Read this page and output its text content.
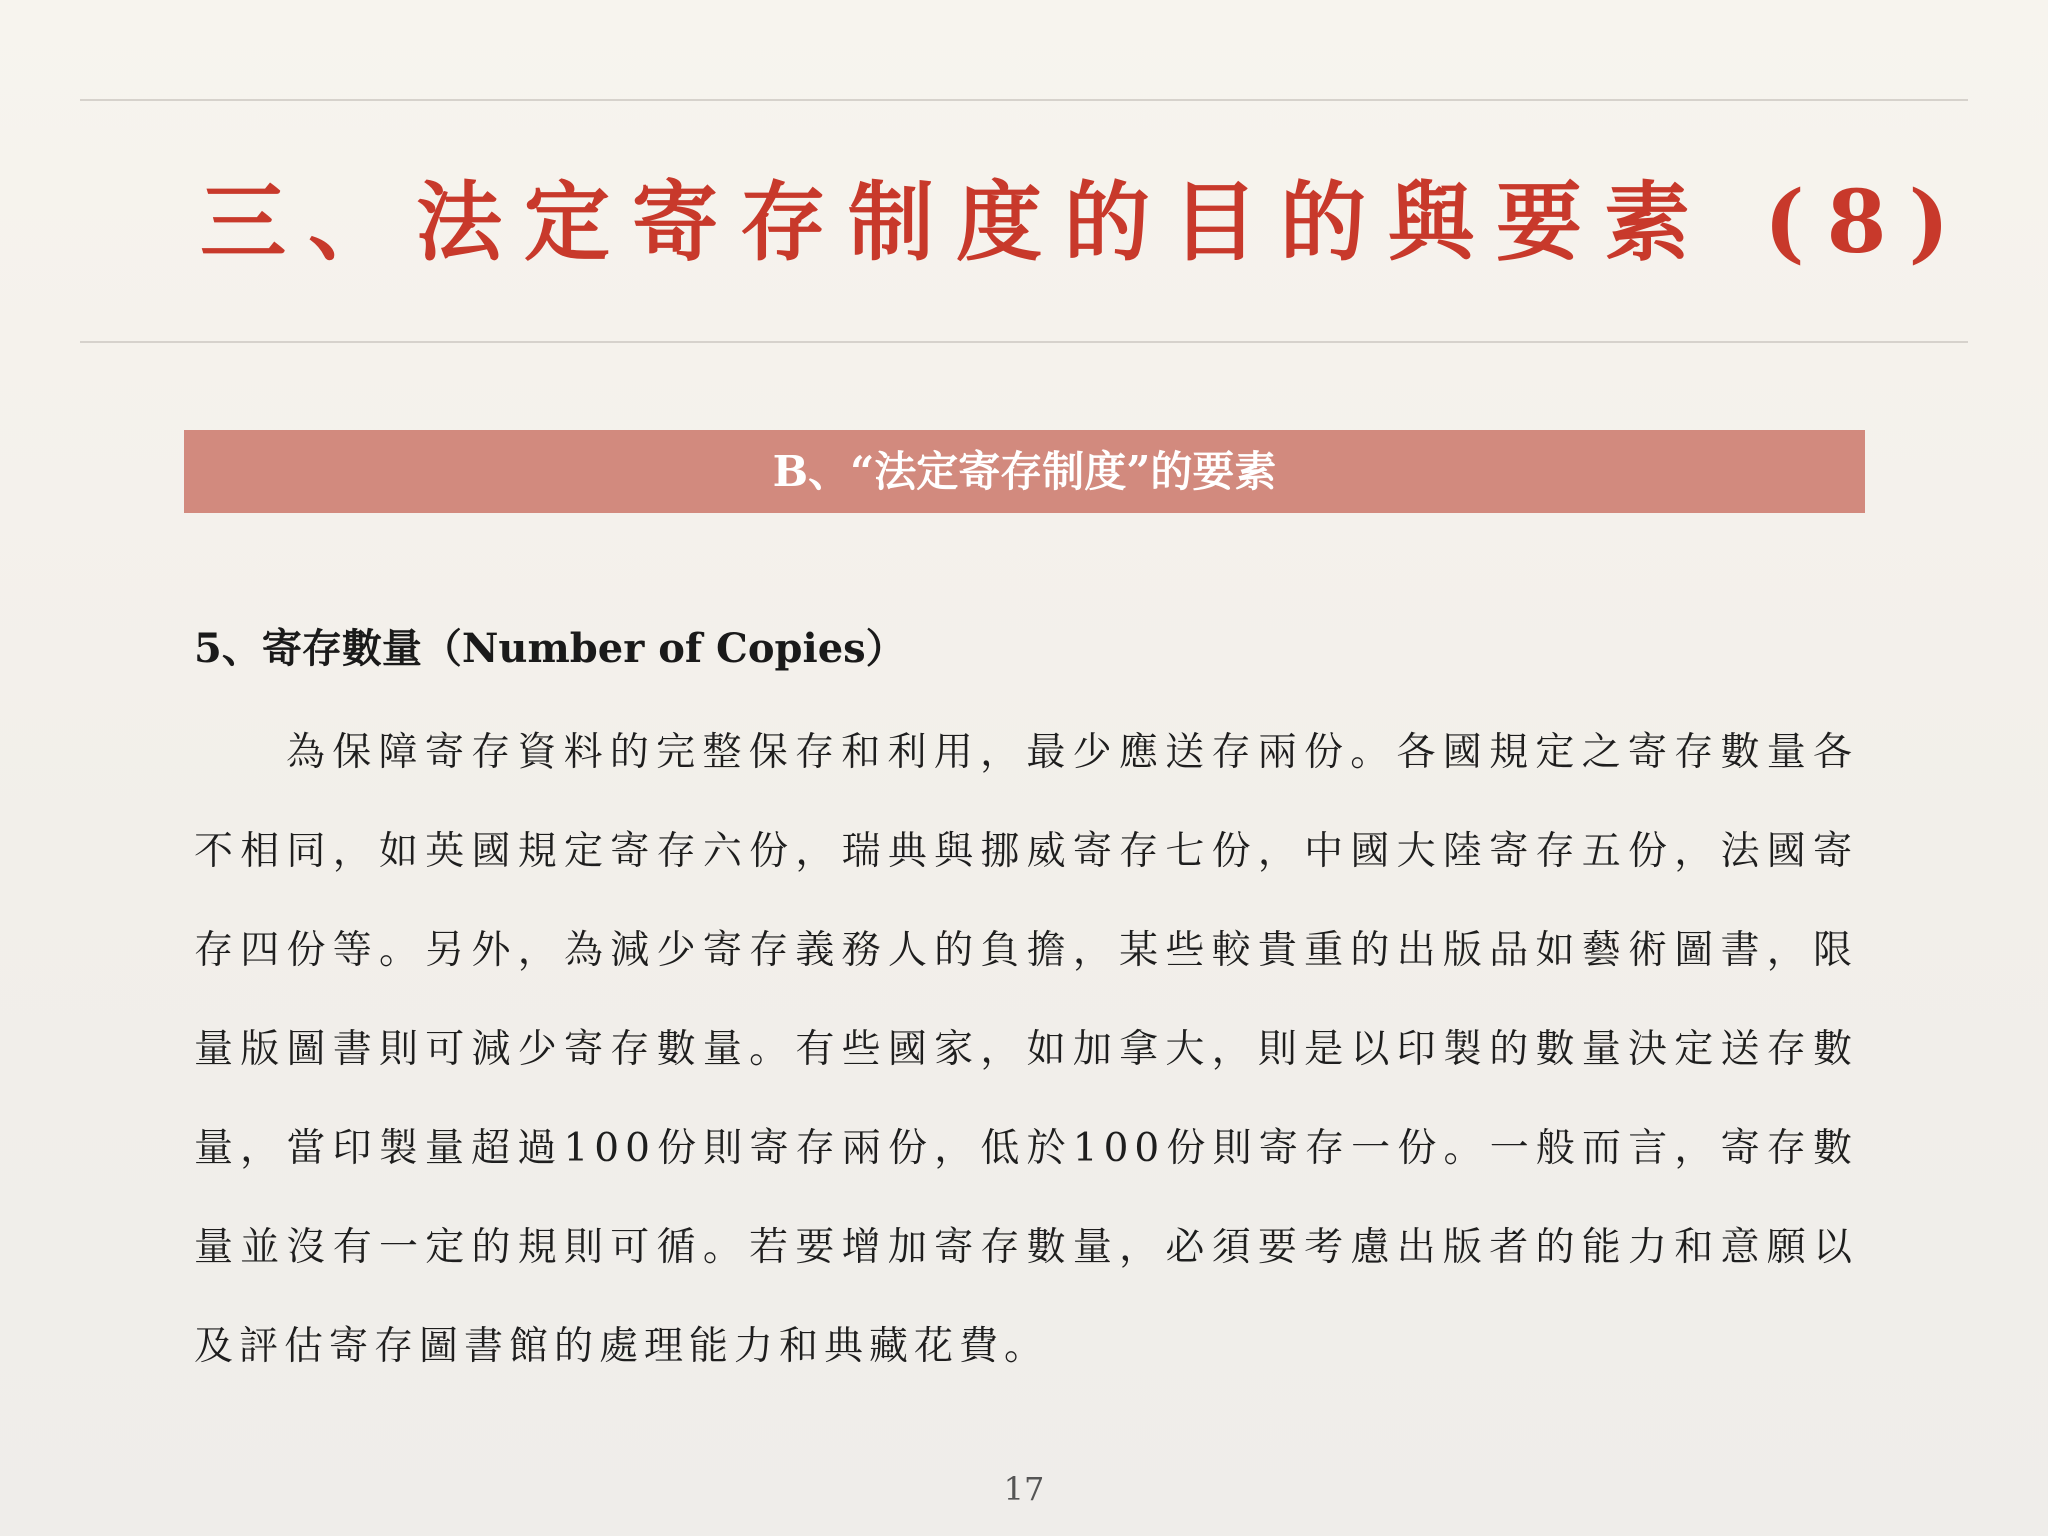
三、法定寄存制度的目的與要素 (8)
B、“法定寄存制度”的要素
5、寄存數量（Number of Copies）

為保障寄存資料的完整保存和利用，最少應送存兩份。各國規定之寄存數量各不相同，如英國規定寄存六份，瑞典與挪威寄存七份，中國大陸寄存五份，法國寄存四份等。另外，為減少寄存義務人的負擔，某些較貴重的出版品如藝術圖書，限量版圖書則可減少寄存數量。有些國家，如加拿大，則是以印製的數量決定送存數量，當印製量超過100份則寄存兩份，低於100份則寄存一份。一般而言，寄存數量並沒有一定的規則可循。若要增加寄存數量，必須要考慮出版者的能力和意願以及評估寄存圖書館的處理能力和典藏花費。

17
